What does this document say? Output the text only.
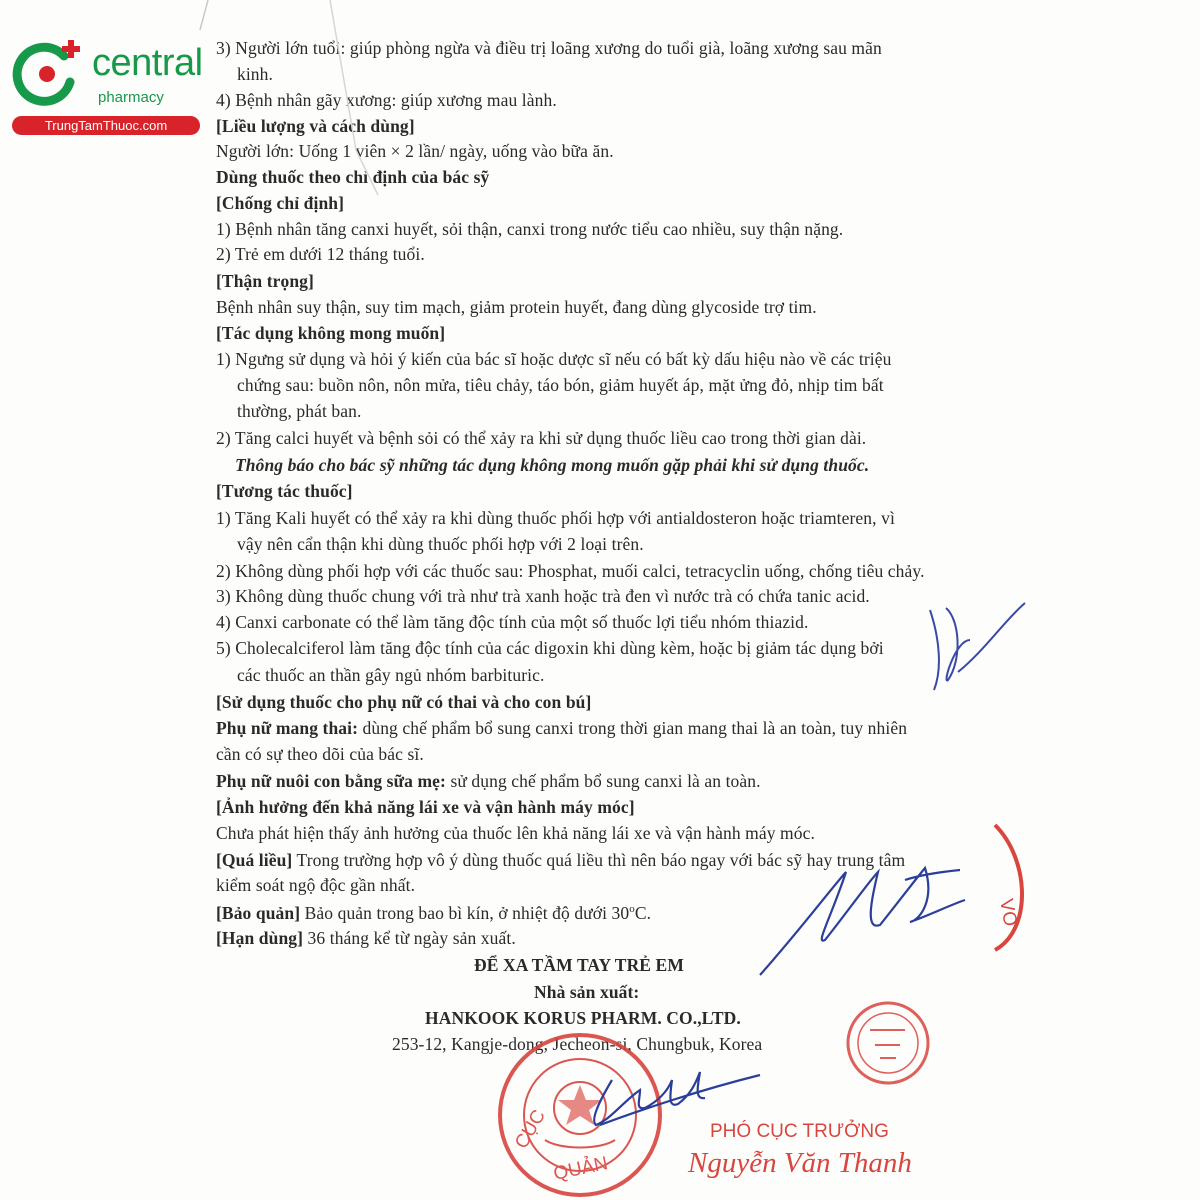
central
pharmacy
TrungTamThuoc.com
3) Người lớn tuổi: giúp phòng ngừa và điều trị loãng xương do tuổi già, loãng xương sau mãn
kinh.
4) Bệnh nhân gãy xương: giúp xương mau lành.
[Liều lượng và cách dùng]
Người lớn: Uống 1 viên × 2 lần/ ngày, uống vào bữa ăn.
Dùng thuốc theo chỉ định của bác sỹ
[Chống chỉ định]
1) Bệnh nhân tăng canxi huyết, sỏi thận, canxi trong nước tiểu cao nhiều, suy thận nặng.
2) Trẻ em dưới 12 tháng tuổi.
[Thận trọng]
Bệnh nhân suy thận, suy tim mạch, giảm protein huyết, đang dùng glycoside trợ tim.
[Tác dụng không mong muốn]
1) Ngưng sử dụng và hỏi ý kiến của bác sĩ hoặc dược sĩ nếu có bất kỳ dấu hiệu nào về các triệu
chứng sau: buồn nôn, nôn mửa, tiêu chảy, táo bón, giảm huyết áp, mặt ửng đỏ, nhịp tim bất
thường, phát ban.
2) Tăng calci huyết và bệnh sỏi có thể xảy ra khi sử dụng thuốc liều cao trong thời gian dài.
Thông báo cho bác sỹ những tác dụng không mong muốn gặp phải khi sử dụng thuốc.
[Tương tác thuốc]
1) Tăng Kali huyết có thể xảy ra khi dùng thuốc phối hợp với antialdosteron hoặc triamteren, vì
vậy nên cẩn thận khi dùng thuốc phối hợp với 2 loại trên.
2) Không dùng phối hợp với các thuốc sau: Phosphat, muối calci, tetracyclin uống, chống tiêu chảy.
3) Không dùng thuốc chung với trà như trà xanh hoặc trà đen vì nước trà có chứa tanic acid.
4) Canxi carbonate có thể làm tăng độc tính của một số thuốc lợi tiểu nhóm thiazid.
5) Cholecalciferol làm tăng độc tính của các digoxin khi dùng kèm, hoặc bị giảm tác dụng bởi
các thuốc an thần gây ngủ nhóm barbituric.
[Sử dụng thuốc cho phụ nữ có thai và cho con bú]
Phụ nữ mang thai: dùng chế phẩm bổ sung canxi trong thời gian mang thai là an toàn, tuy nhiên
cần có sự theo dõi của bác sĩ.
Phụ nữ nuôi con bằng sữa mẹ: sử dụng chế phẩm bổ sung canxi là an toàn.
[Ảnh hưởng đến khả năng lái xe và vận hành máy móc]
Chưa phát hiện thấy ảnh hưởng của thuốc lên khả năng lái xe và vận hành máy móc.
[Quá liều] Trong trường hợp vô ý dùng thuốc quá liều thì nên báo ngay với bác sỹ hay trung tâm
kiểm soát ngộ độc gần nhất.
[Bảo quản] Bảo quản trong bao bì kín, ở nhiệt độ dưới 30$^o$C.
[Hạn dùng] 36 tháng kể từ ngày sản xuất.
ĐỂ XA TẦM TAY TRẺ EM
Nhà sản xuất:
HANKOOK KORUS PHARM. CO.,LTD.
253-12, Kangje-dong, Jecheon-si, Chungbuk, Korea
VO
CỤC
QUẢN
PHÓ CỤC TRƯỞNG
Nguyễn Văn Thanh
